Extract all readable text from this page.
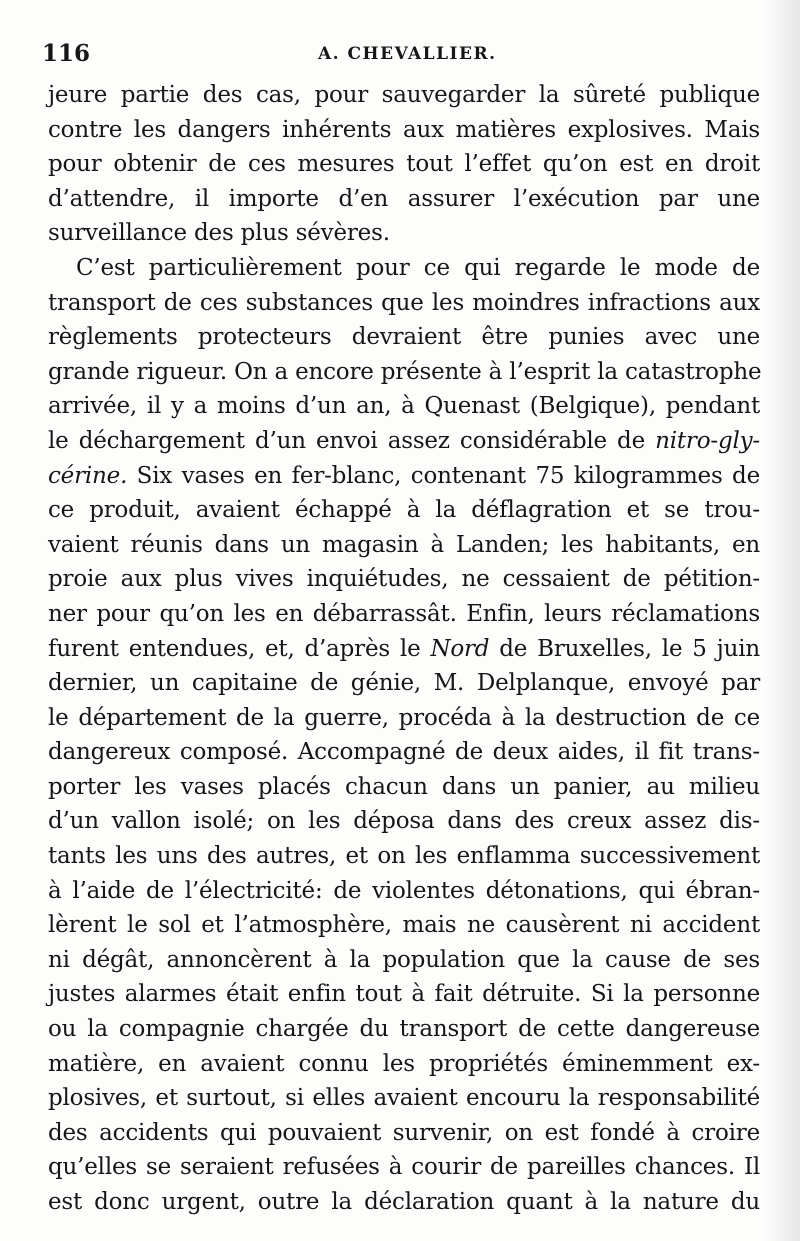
116	A. CHEVALLIER.
jeure partie des cas, pour sauvegarder la sûreté publique
contre les dangers inhérents aux matières explosives. Mais
pour obtenir de ces mesures tout l’effet qu’on est en droit
d’attendre, il importe d’en assurer l’exécution par une
surveillance des plus sévères.
C’est particulièrement pour ce qui regarde le mode de
transport de ces substances que les moindres infractions aux
règlements protecteurs devraient être punies avec une
grande rigueur. On a encore présente à l’esprit la catastrophe
arrivée, il y a moins d’un an, à Quenast (Belgique), pendant
le déchargement d’un envoi assez considérable de nitro-gly-
cérine. Six vases en fer-blanc, contenant 75 kilogrammes de
ce produit, avaient échappé à la déflagration et se trou-
vaient réunis dans un magasin à Landen; les habitants, en
proie aux plus vives inquiétudes, ne cessaient de pétition-
ner pour qu’on les en débarrassât. Enfin, leurs réclamations
furent entendues, et, d’après le Nord de Bruxelles, le 5 juin
dernier, un capitaine de génie, M. Delplanque, envoyé par
le département de la guerre, procéda à la destruction de ce
dangereux composé. Accompagné de deux aides, il fit trans-
porter les vases placés chacun dans un panier, au milieu
d’un vallon isolé; on les déposa dans des creux assez dis-
tants les uns des autres, et on les enflamma successivement
à l’aide de l’électricité: de violentes détonations, qui ébran-
lèrent le sol et l’atmosphère, mais ne causèrent ni accident
ni dégât, annoncèrent à la population que la cause de ses
justes alarmes était enfin tout à fait détruite. Si la personne
ou la compagnie chargée du transport de cette dangereuse
matière, en avaient connu les propriétés éminemment ex-
plosives, et surtout, si elles avaient encouru la responsabilité
des accidents qui pouvaient survenir, on est fondé à croire
qu’elles se seraient refusées à courir de pareilles chances. Il
est donc urgent, outre la déclaration quant à la nature du
